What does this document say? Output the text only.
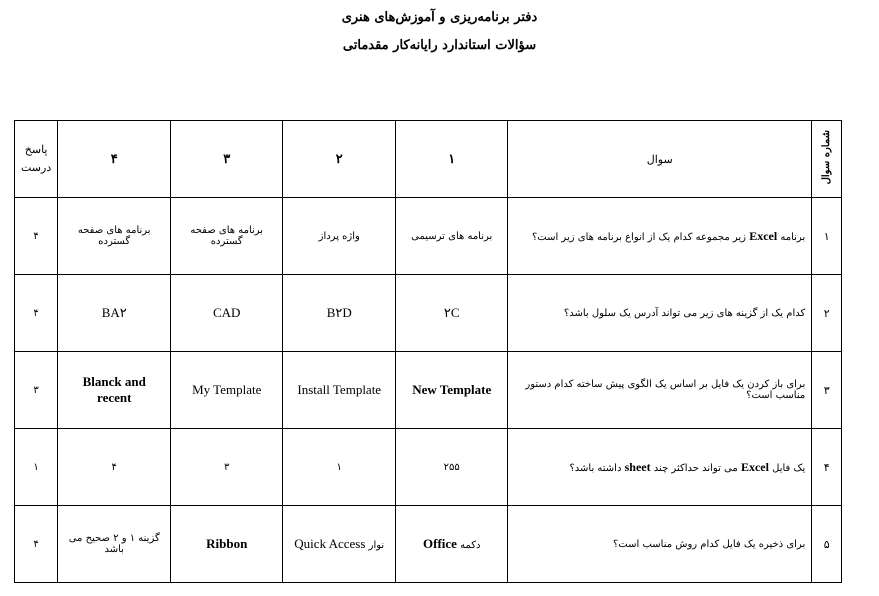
دفتر برنامه‌ریزی و آموزش‌های هنری
سؤالات استاندارد رایانه‌کار مقدماتی
شماره سوال	سوال	۱	۲	۳	۴	پاسخ درست
۱	برنامه Excel زیر مجموعه کدام یک از انواع برنامه های زیر است؟	برنامه های ترسیمی	واژه پرداز	برنامه های صفحه گسترده	برنامه های صفحه گسترده	۴
۲	کدام یک از گزینه های زیر می تواند آدرس یک سلول باشد؟	۲C	B۲D	CAD	BA۲	۴
۳	برای باز کردن یک فایل بر اساس یک الگوی پیش ساخته کدام دستور مناسب است؟	New Template	Install Template	My Template	Blanck and recent	۳
۴	یک فایل Excel می تواند حداکثر چند sheet داشته باشد؟	۲۵۵	۱	۳	۴	۱
۵	برای ذخیره یک فایل کدام روش مناسب است؟	دکمه Office	نوار Quick Access	Ribbon	گزینه ۱ و ۲ صحیح می باشد	۴
